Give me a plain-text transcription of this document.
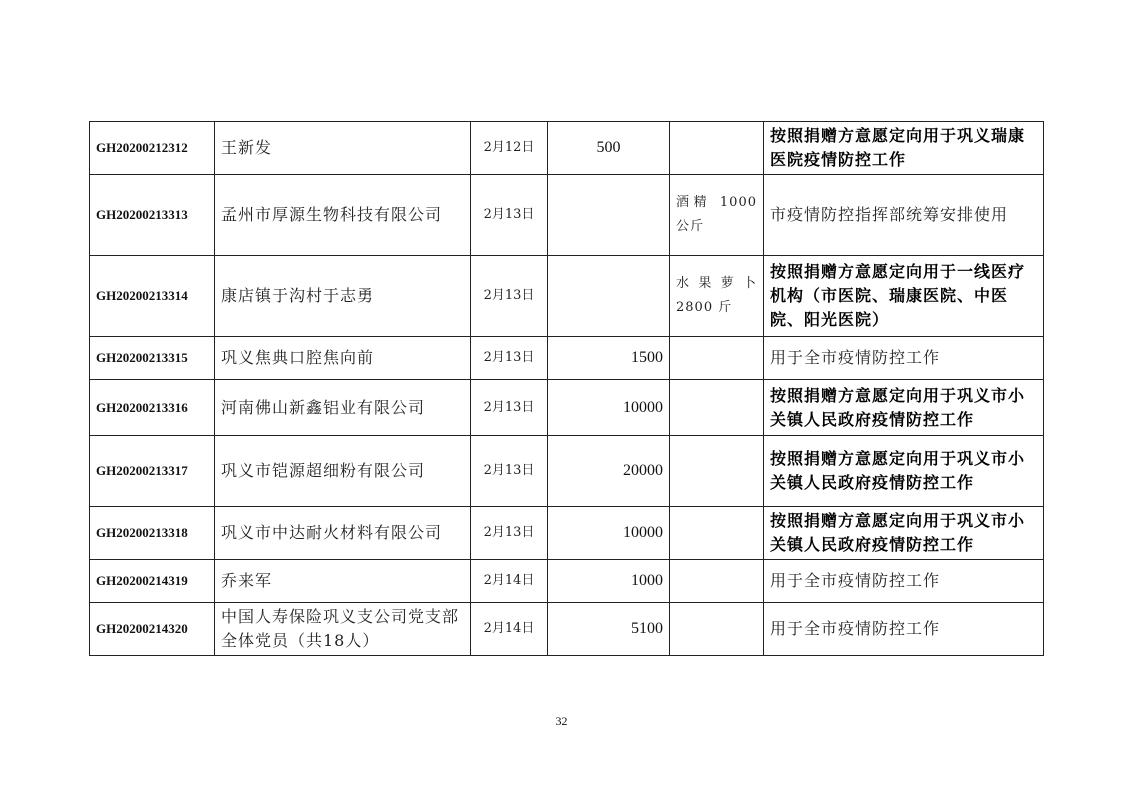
GH20200212312	王新发	2月12日	500		按照捐赠方意愿定向用于巩义瑞康医院疫情防控工作
GH20200213313	孟州市厚源生物科技有限公司	2月13日		酒精 1000 公斤	市疫情防控指挥部统筹安排使用
GH20200213314	康店镇于沟村于志勇	2月13日		水果萝卜 2800 斤	按照捐赠方意愿定向用于一线医疗机构（市医院、瑞康医院、中医院、阳光医院）
GH20200213315	巩义焦典口腔焦向前	2月13日	1500		用于全市疫情防控工作
GH20200213316	河南佛山新鑫铝业有限公司	2月13日	10000		按照捐赠方意愿定向用于巩义市小关镇人民政府疫情防控工作
GH20200213317	巩义市铠源超细粉有限公司	2月13日	20000		按照捐赠方意愿定向用于巩义市小关镇人民政府疫情防控工作
GH20200213318	巩义市中达耐火材料有限公司	2月13日	10000		按照捐赠方意愿定向用于巩义市小关镇人民政府疫情防控工作
GH20200214319	乔来军	2月14日	1000		用于全市疫情防控工作
GH20200214320	中国人寿保险巩义支公司党支部全体党员（共18人）	2月14日	5100		用于全市疫情防控工作
32
